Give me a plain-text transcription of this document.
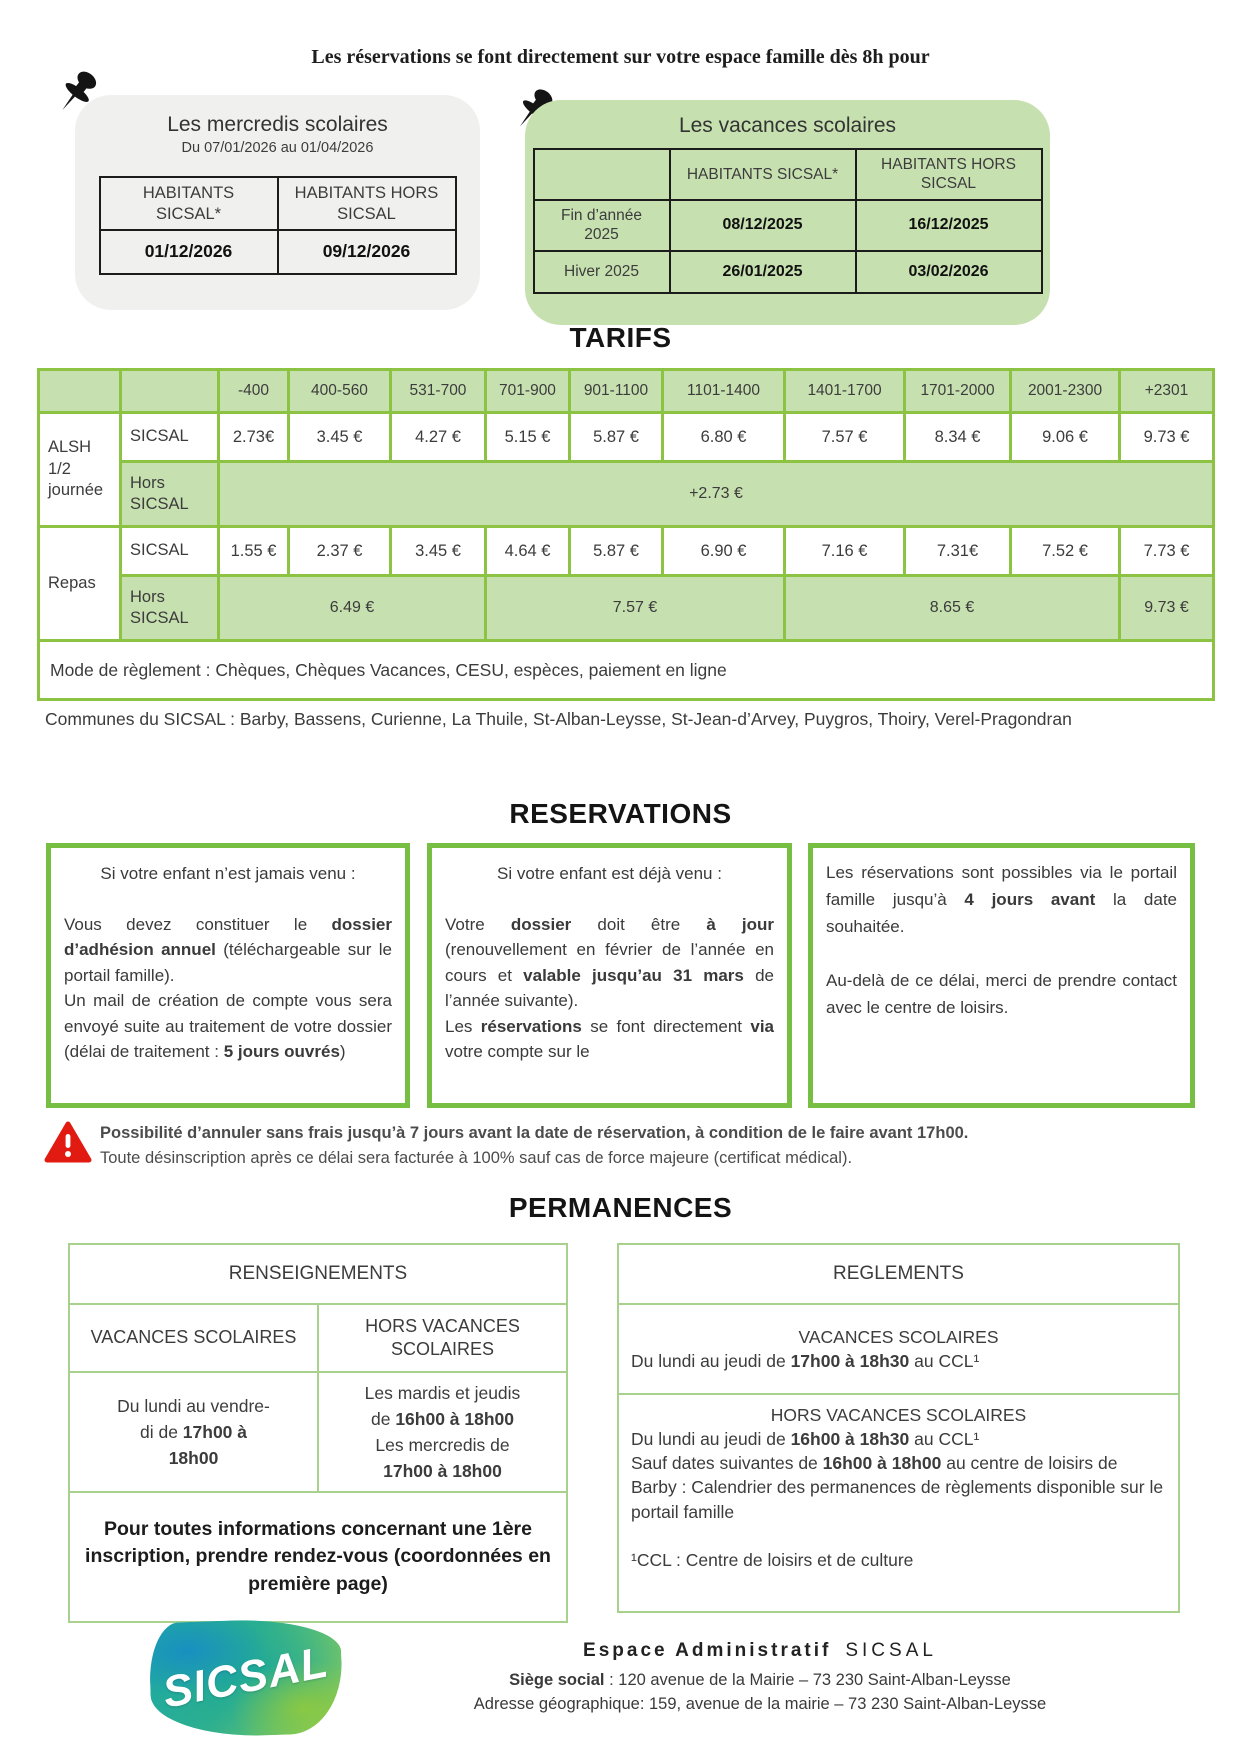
Les réservations se font directement sur votre espace famille dès 8h pour
Les mercredis scolaires
Du 07/01/2026 au 01/04/2026
HABITANTS SICSAL*	HABITANTS HORS SICSAL
01/12/2026	09/12/2026
Les vacances scolaires
	HABITANTS SICSAL*	HABITANTS HORS SICSAL
Fin d’année 2025	08/12/2025	16/12/2025
Hiver 2025	26/01/2025	03/02/2026
TARIFS
		-400	400-560	531-700	701-900	901-1100	1101-1400	1401-1700	1701-2000	2001-2300	+2301
ALSH 1/2 journée	SICSAL	2.73€	3.45 €	4.27 €	5.15 €	5.87 €	6.80 €	7.57 €	8.34 €	9.06 €	9.73 €
	Hors SICSAL	+2.73 €									
Repas	SICSAL	1.55 €	2.37 €	3.45 €	4.64 €	5.87 €	6.90 €	7.16 €	7.31€	7.52 €	7.73 €
	Hors SICSAL	6.49 €			7.57 €			8.65 €			9.73 €
Mode de règlement : Chèques, Chèques Vacances, CESU, espèces, paiement en ligne											
Communes du SICSAL : Barby, Bassens, Curienne, La Thuile, St-Alban-Leysse, St-Jean-d’Arvey, Puygros, Thoiry, Verel-Pragondran
RESERVATIONS
Si votre enfant n’est jamais venu :

Vous devez constituer le dossier d’adhésion annuel (téléchargeable sur le portail famille).

Un mail de création de compte vous sera envoyé suite au traitement de votre dossier (délai de traitement : 5 jours ouvrés)

Si votre enfant est déjà venu :

Votre dossier doit être à jour (renouvellement en février de l’année en cours et valable jusqu’au 31 mars de l’année suivante).

Les réservations se font directement via votre compte sur le

Les réservations sont possibles via le portail famille jusqu’à 4 jours avant la date souhaitée.

Au-delà de ce délai, merci de prendre contact avec le centre de loisirs.

Possibilité d’annuler sans frais jusqu’à 7 jours avant la date de réservation, à condition de le faire avant 17h00.
Toute désinscription après ce délai sera facturée à 100% sauf cas de force majeure (certificat médical).
PERMANENCES
RENSEIGNEMENTS	
VACANCES SCOLAIRES	HORS VACANCES SCOLAIRES
Du lundi au vendre-
di de 17h00 à
18h00	Les mardis et jeudis
de 16h00 à 18h00
Les mercredis de
17h00 à 18h00
Pour toutes informations concernant une 1ère inscription, prendre rendez-vous (coordonnées en première page)	
REGLEMENTS

VACANCES SCOLAIRES
Du lundi au jeudi de 17h00 à 18h30 au CCL¹

HORS VACANCES SCOLAIRES
Du lundi au jeudi de 16h00 à 18h30 au CCL¹
Sauf dates suivantes de 16h00 à 18h00 au centre de loisirs de Barby : Calendrier des permanences de règlements disponible sur le portail famille

¹CCL : Centre de loisirs et de culture
SICSAL	Espace Administratif SICSAL
Siège social : 120 avenue de la Mairie – 73 230 Saint-Alban-Leysse
Adresse géographique: 159, avenue de la mairie – 73 230 Saint-Alban-Leysse
